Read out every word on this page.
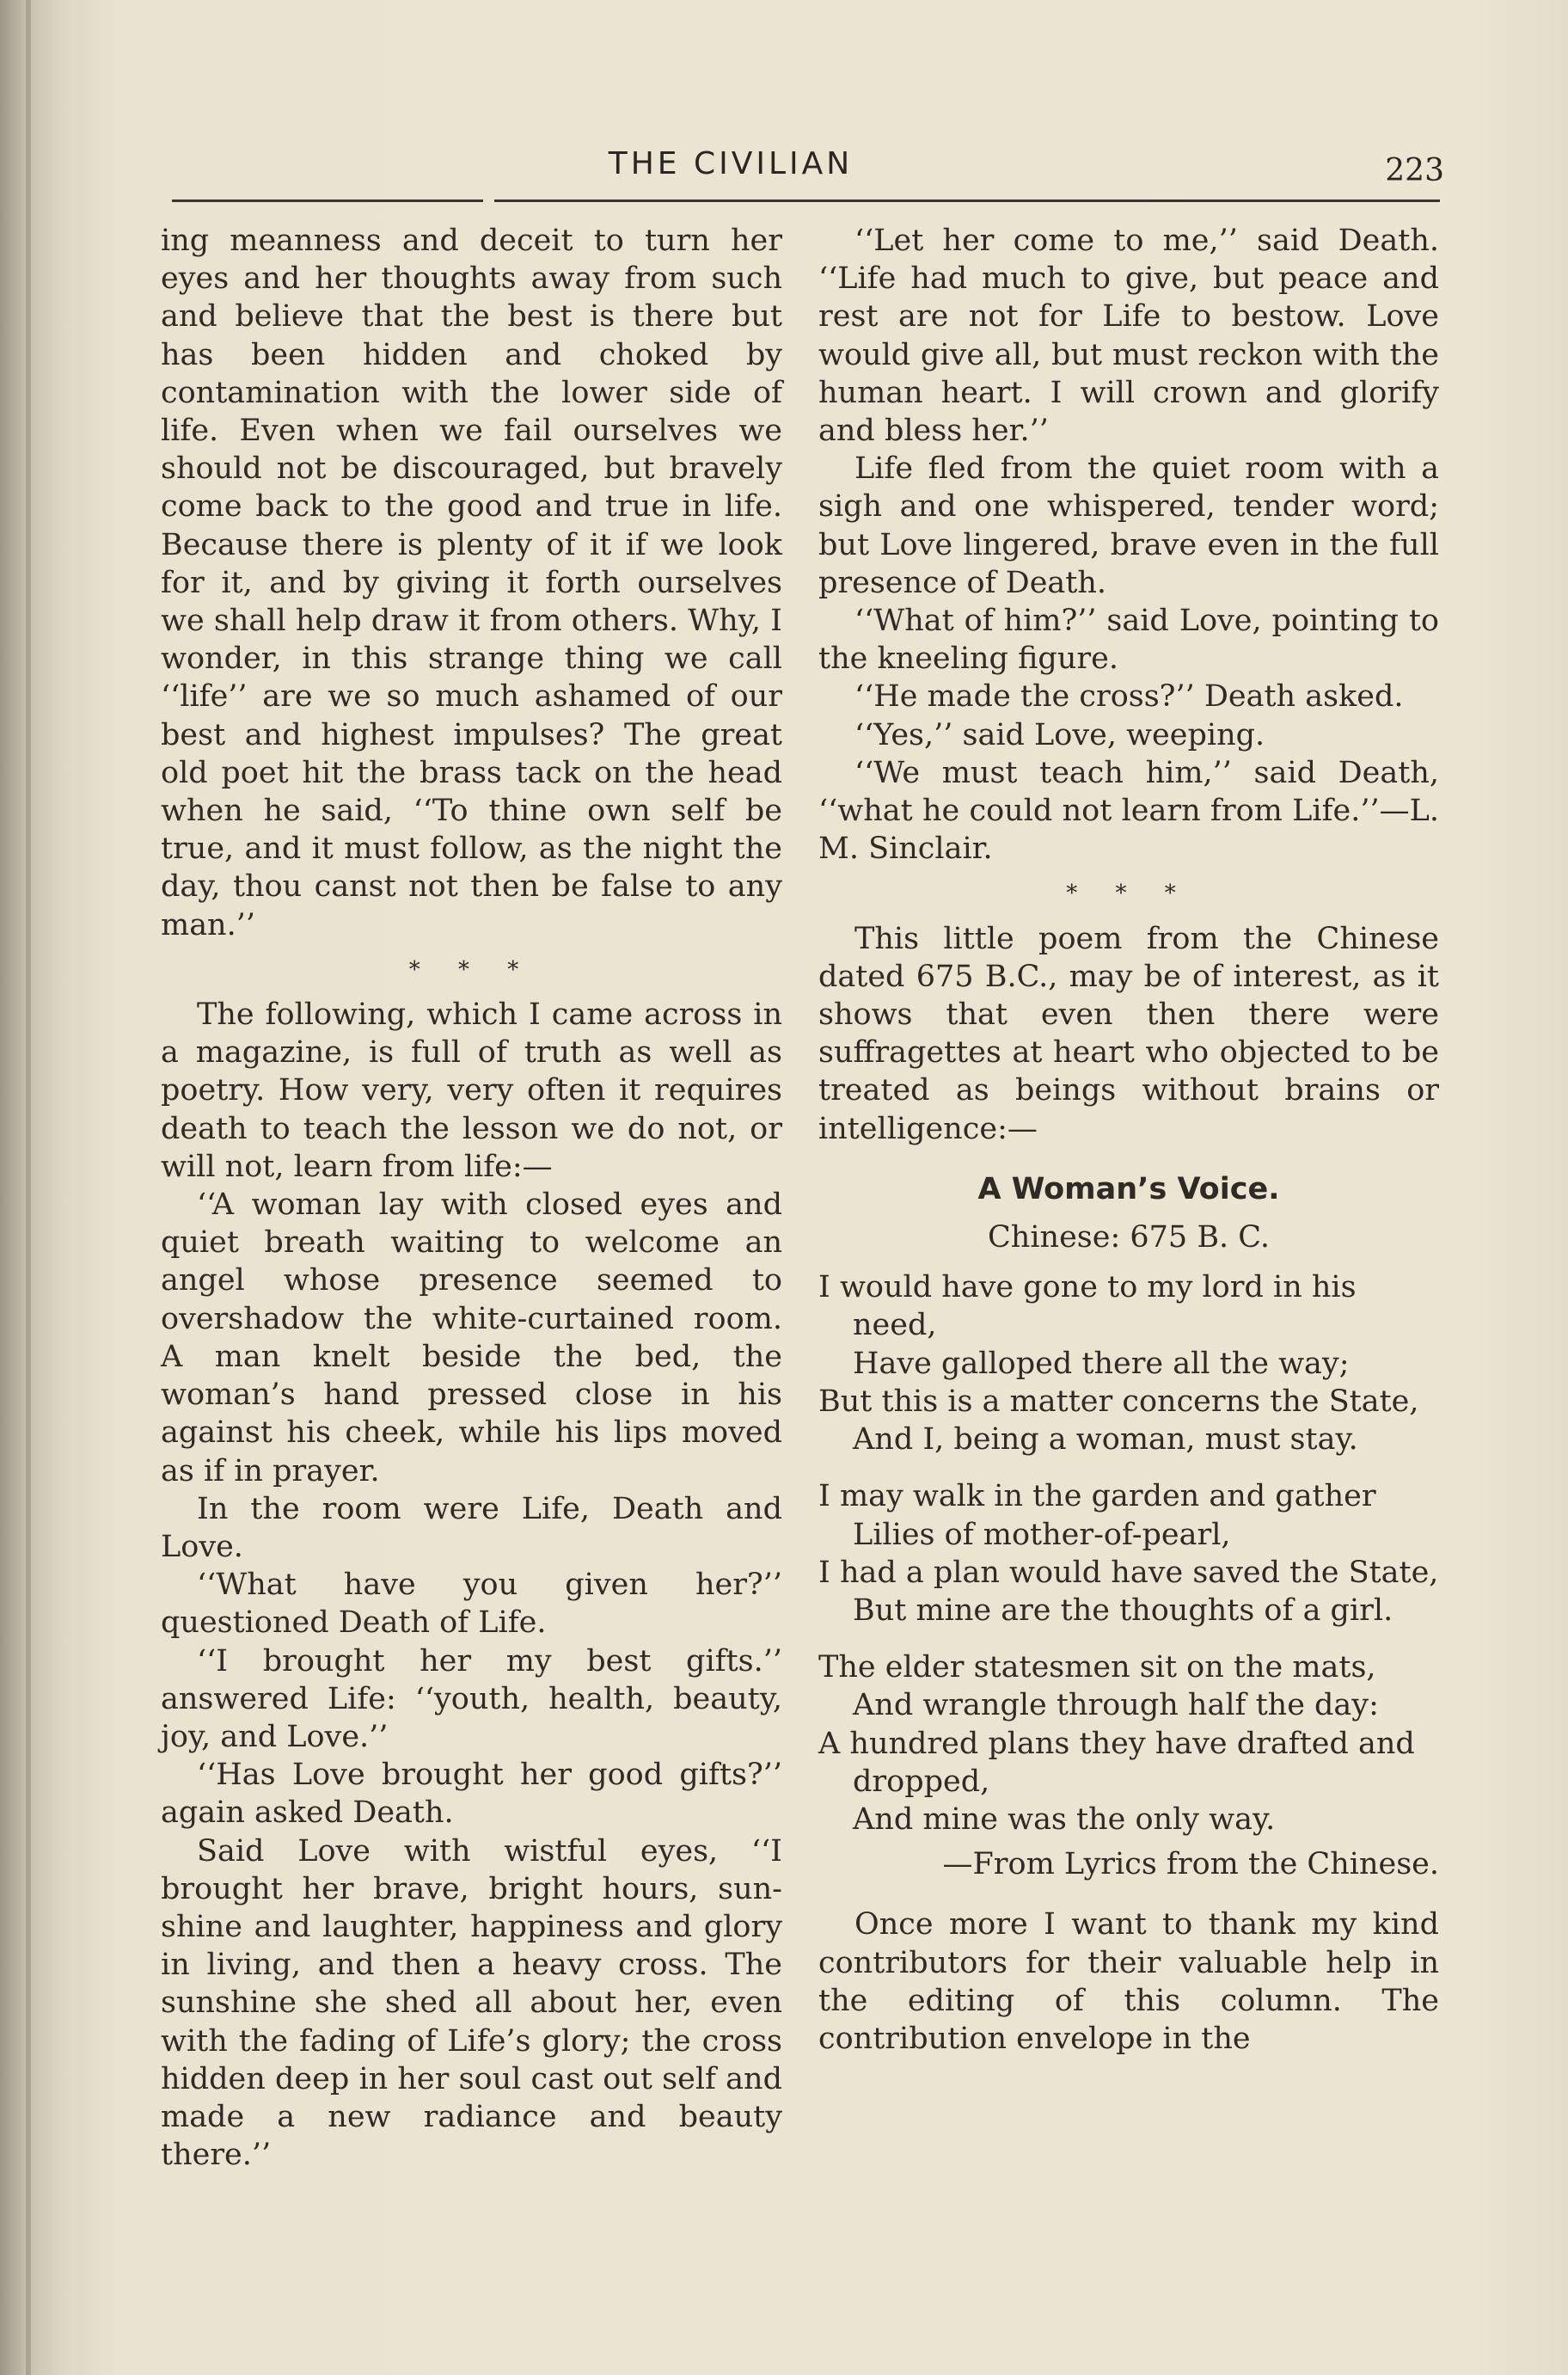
THE CIVILIAN	223

ing meanness and deceit to turn her eyes and her thoughts away from such and believe that the best is there but has been hidden and choked by contamination with the lower side of life. Even when we fail ourselves we should not be discouraged, but bravely come back to the good and true in life. Because there is plenty of it if we look for it, and by giving it forth ourselves we shall help draw it from others. Why, I wonder, in this strange thing we call ‘‘life’’ are we so much ashamed of our best and highest impulses? The great old poet hit the brass tack on the head when he said, ‘‘To thine own self be true, and it must follow, as the night the day, thou canst not then be false to any man.’’

* * *

The following, which I came across in a magazine, is full of truth as well as poetry. How very, very often it requires death to teach the lesson we do not, or will not, learn from life:—

‘‘A woman lay with closed eyes and quiet breath waiting to welcome an angel whose presence seemed to overshadow the white-curtained room. A man knelt beside the bed, the woman’s hand pressed close in his against his cheek, while his lips moved as if in prayer.

In the room were Life, Death and Love.

‘‘What have you given her?’’ questioned Death of Life.

‘‘I brought her my best gifts.’’ answered Life: ‘‘youth, health, beauty, joy, and Love.’’

‘‘Has Love brought her good gifts?’’ again asked Death.

Said Love with wistful eyes, ‘‘I brought her brave, bright hours, sunshine and laughter, happiness and glory in living, and then a heavy cross. The sunshine she shed all about her, even with the fading of Life’s glory; the cross hidden deep in her soul cast out self and made a new radiance and beauty there.’’

‘‘Let her come to me,’’ said Death. ‘‘Life had much to give, but peace and rest are not for Life to bestow. Love would give all, but must reckon with the human heart. I will crown and glorify and bless her.’’

Life fled from the quiet room with a sigh and one whispered, tender word; but Love lingered, brave even in the full presence of Death.

‘‘What of him?’’ said Love, pointing to the kneeling figure.

‘‘He made the cross?’’ Death asked.

‘‘Yes,’’ said Love, weeping.

‘‘We must teach him,’’ said Death, ‘‘what he could not learn from Life.’’—L. M. Sinclair.

* * *

This little poem from the Chinese dated 675 B.C., may be of interest, as it shows that even then there were suffragettes at heart who objected to be treated as beings without brains or intelligence:—

A Woman’s Voice.
Chinese: 675 B. C.
I would have gone to my lord in his need,
Have galloped there all the way;
But this is a matter concerns the State,
And I, being a woman, must stay.
I may walk in the garden and gather
Lilies of mother-of-pearl,
I had a plan would have saved the State,
But mine are the thoughts of a girl.
The elder statesmen sit on the mats,
And wrangle through half the day:
A hundred plans they have drafted and dropped,
And mine was the only way.
—From Lyrics from the Chinese.

Once more I want to thank my kind contributors for their valuable help in the editing of this column. The contribution envelope in the
